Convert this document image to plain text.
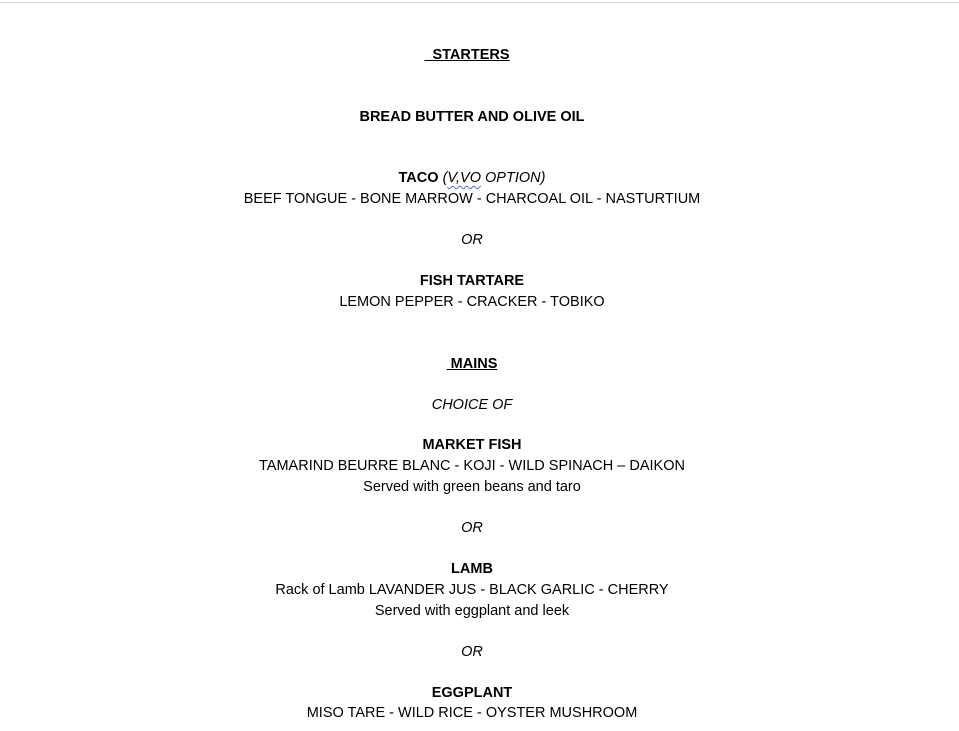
STARTERS
BREAD BUTTER AND OLIVE OIL
TACO (V,VO OPTION)
BEEF TONGUE - BONE MARROW - CHARCOAL OIL - NASTURTIUM
OR
FISH TARTARE
LEMON PEPPER - CRACKER - TOBIKO
MAINS
CHOICE OF
MARKET FISH
TAMARIND BEURRE BLANC - KOJI - WILD SPINACH – DAIKON
Served with green beans and taro
OR
LAMB
Rack of Lamb LAVANDER JUS - BLACK GARLIC - CHERRY
Served with eggplant and leek
OR
EGGPLANT
MISO TARE - WILD RICE - OYSTER MUSHROOM
